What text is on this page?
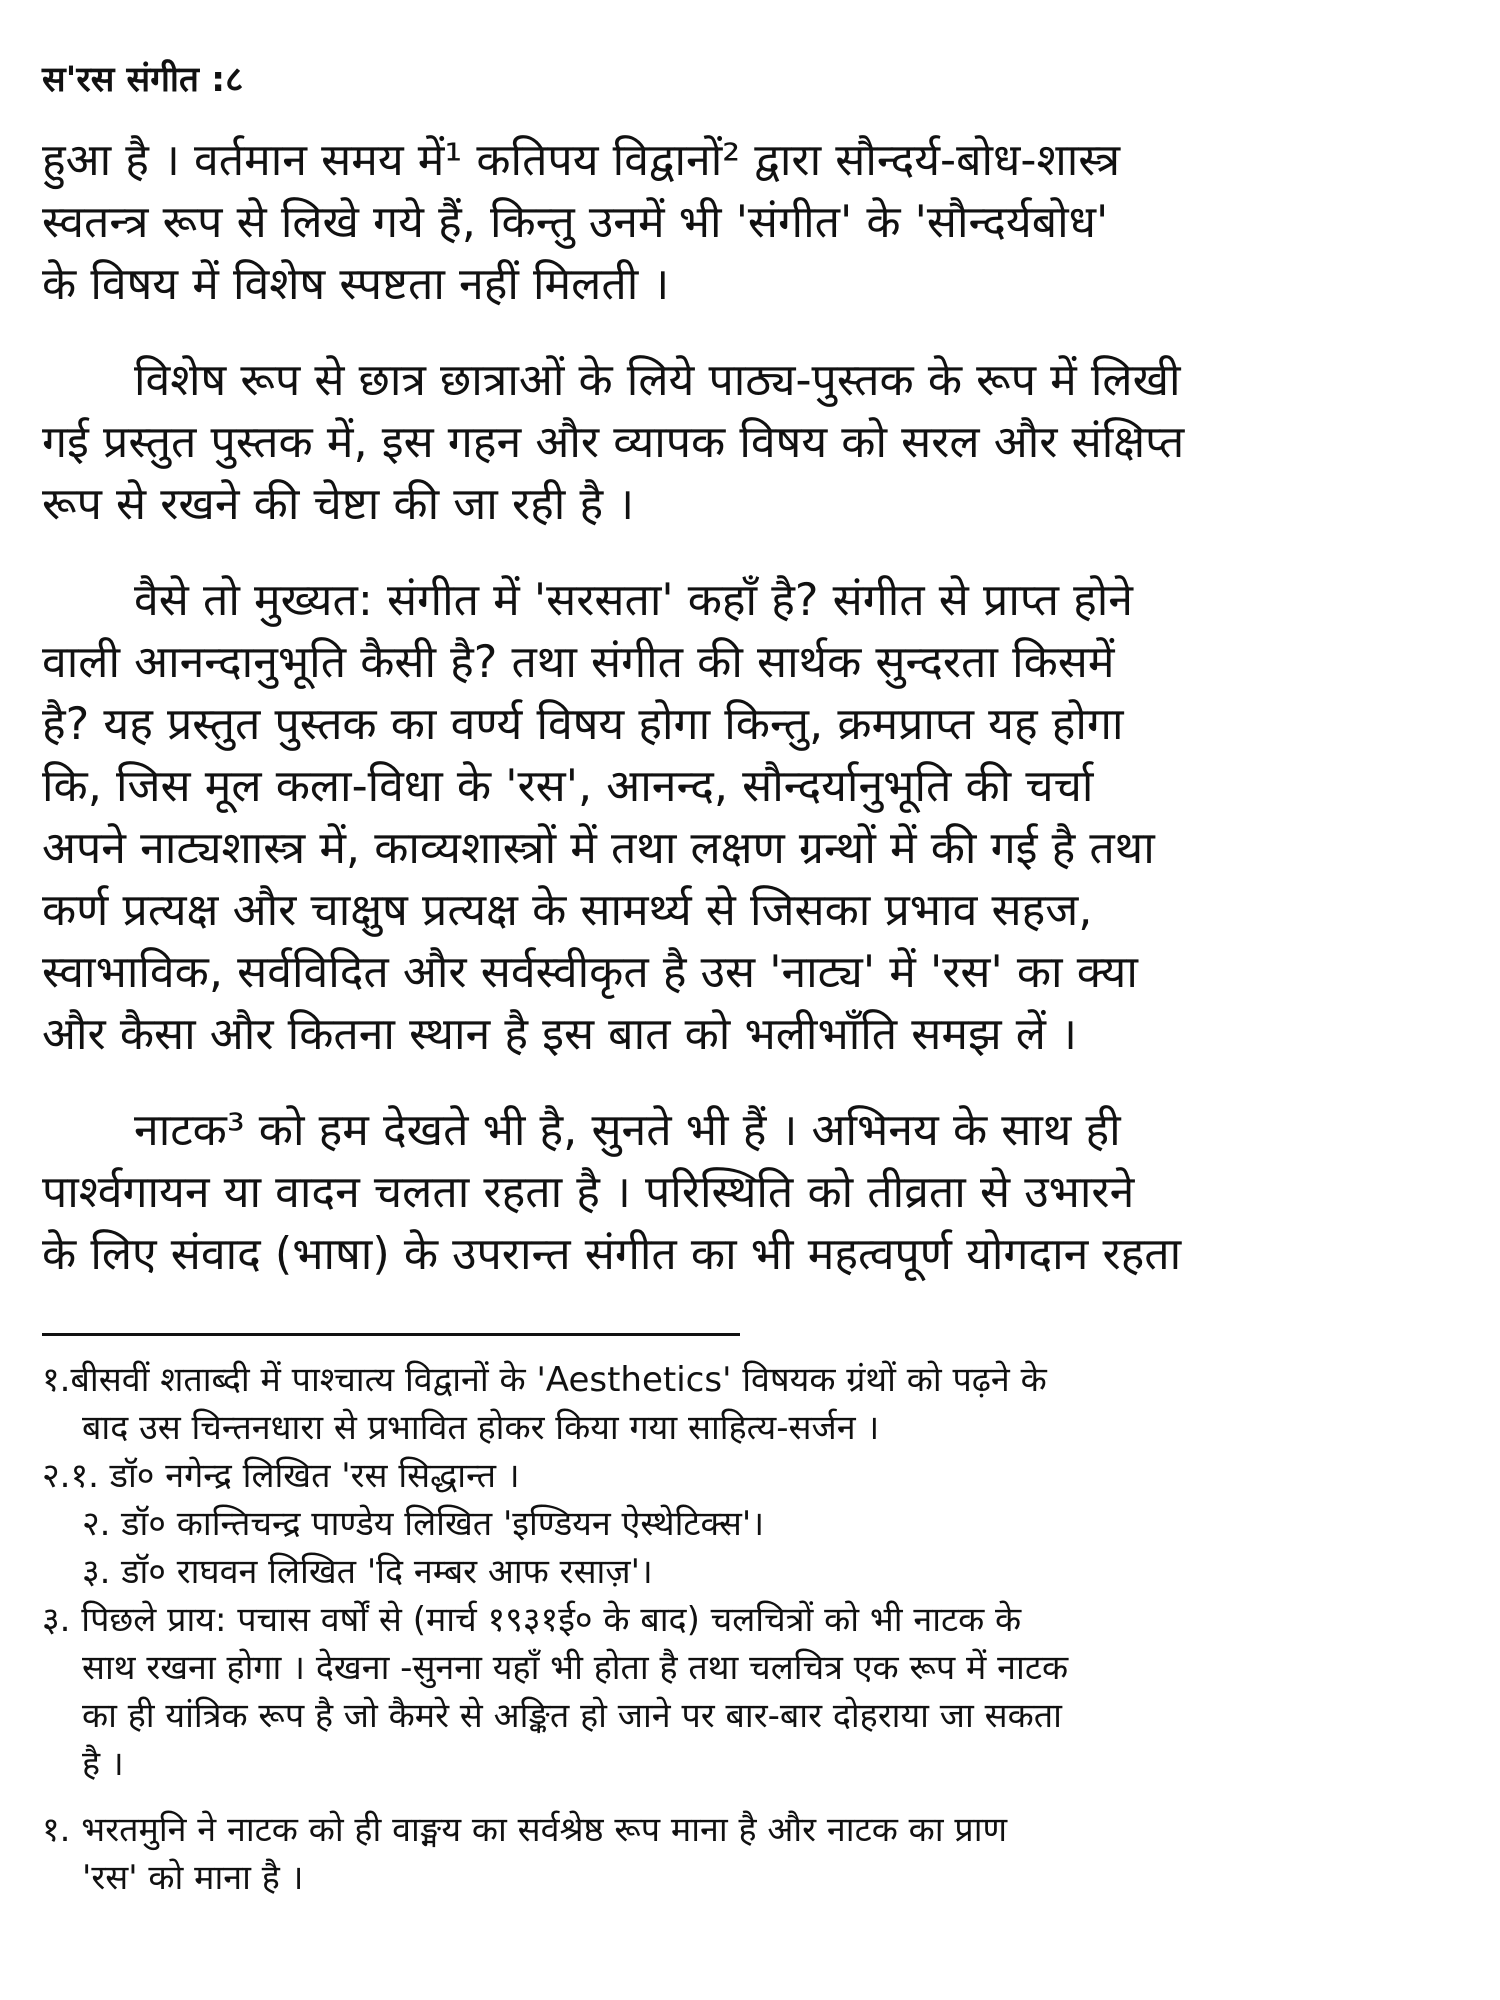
स'रस संगीत :८

हुआ है । वर्तमान समय में¹ कतिपय विद्वानों² द्वारा सौन्दर्य-बोध-शास्त्र

स्वतन्त्र रूप से लिखे गये हैं, किन्तु उनमें भी 'संगीत' के 'सौन्दर्यबोध'

के विषय में विशेष स्पष्टता नहीं मिलती ।

विशेष रूप से छात्र छात्राओं के लिये पाठ्य-पुस्तक के रूप में लिखी

गई प्रस्तुत पुस्तक में, इस गहन और व्यापक विषय को सरल और संक्षिप्त

रूप से रखने की चेष्टा की जा रही है ।

वैसे तो मुख्यत: संगीत में 'सरसता' कहाँ है? संगीत से प्राप्त होने

वाली आनन्दानुभूति कैसी है? तथा संगीत की सार्थक सुन्दरता किसमें

है? यह प्रस्तुत पुस्तक का वर्ण्य विषय होगा किन्तु, क्रमप्राप्त यह होगा

कि, जिस मूल कला-विधा के 'रस', आनन्द, सौन्दर्यानुभूति की चर्चा

अपने नाट्यशास्त्र में, काव्यशास्त्रों में तथा लक्षण ग्रन्थों में की गई है तथा

कर्ण प्रत्यक्ष और चाक्षुष प्रत्यक्ष के सामर्थ्य से जिसका प्रभाव सहज,

स्वाभाविक, सर्वविदित और सर्वस्वीकृत है उस 'नाट्य' में 'रस' का क्या

और कैसा और कितना स्थान है इस बात को भलीभाँति समझ लें ।

नाटक³ को हम देखते भी है, सुनते भी हैं । अभिनय के साथ ही

पार्श्वगायन या वादन चलता रहता है । परिस्थिति को तीव्रता से उभारने

के लिए संवाद (भाषा) के उपरान्त संगीत का भी महत्वपूर्ण योगदान रहता

१.बीसवीं शताब्दी में पाश्चात्य विद्वानों के 'Aesthetics' विषयक ग्रंथों को पढ़ने के

बाद उस चिन्तनधारा से प्रभावित होकर किया गया साहित्य-सर्जन ।

२.१. डॉ० नगेन्द्र लिखित 'रस सिद्धान्त ।

२. डॉ० कान्तिचन्द्र पाण्डेय लिखित 'इण्डियन ऐस्थेटिक्स'।

३. डॉ० राघवन लिखित 'दि नम्बर आफ रसाज़'।

३. पिछले प्राय: पचास वर्षों से (मार्च १९३१ई० के बाद) चलचित्रों को भी नाटक के

साथ रखना होगा । देखना -सुनना यहाँ भी होता है तथा चलचित्र एक रूप में नाटक

का ही यांत्रिक रूप है जो कैमरे से अङ्कित हो जाने पर बार-बार दोहराया जा सकता

है ।

१. भरतमुनि ने नाटक को ही वाङ्मय का सर्वश्रेष्ठ रूप माना है और नाटक का प्राण

'रस' को माना है ।
